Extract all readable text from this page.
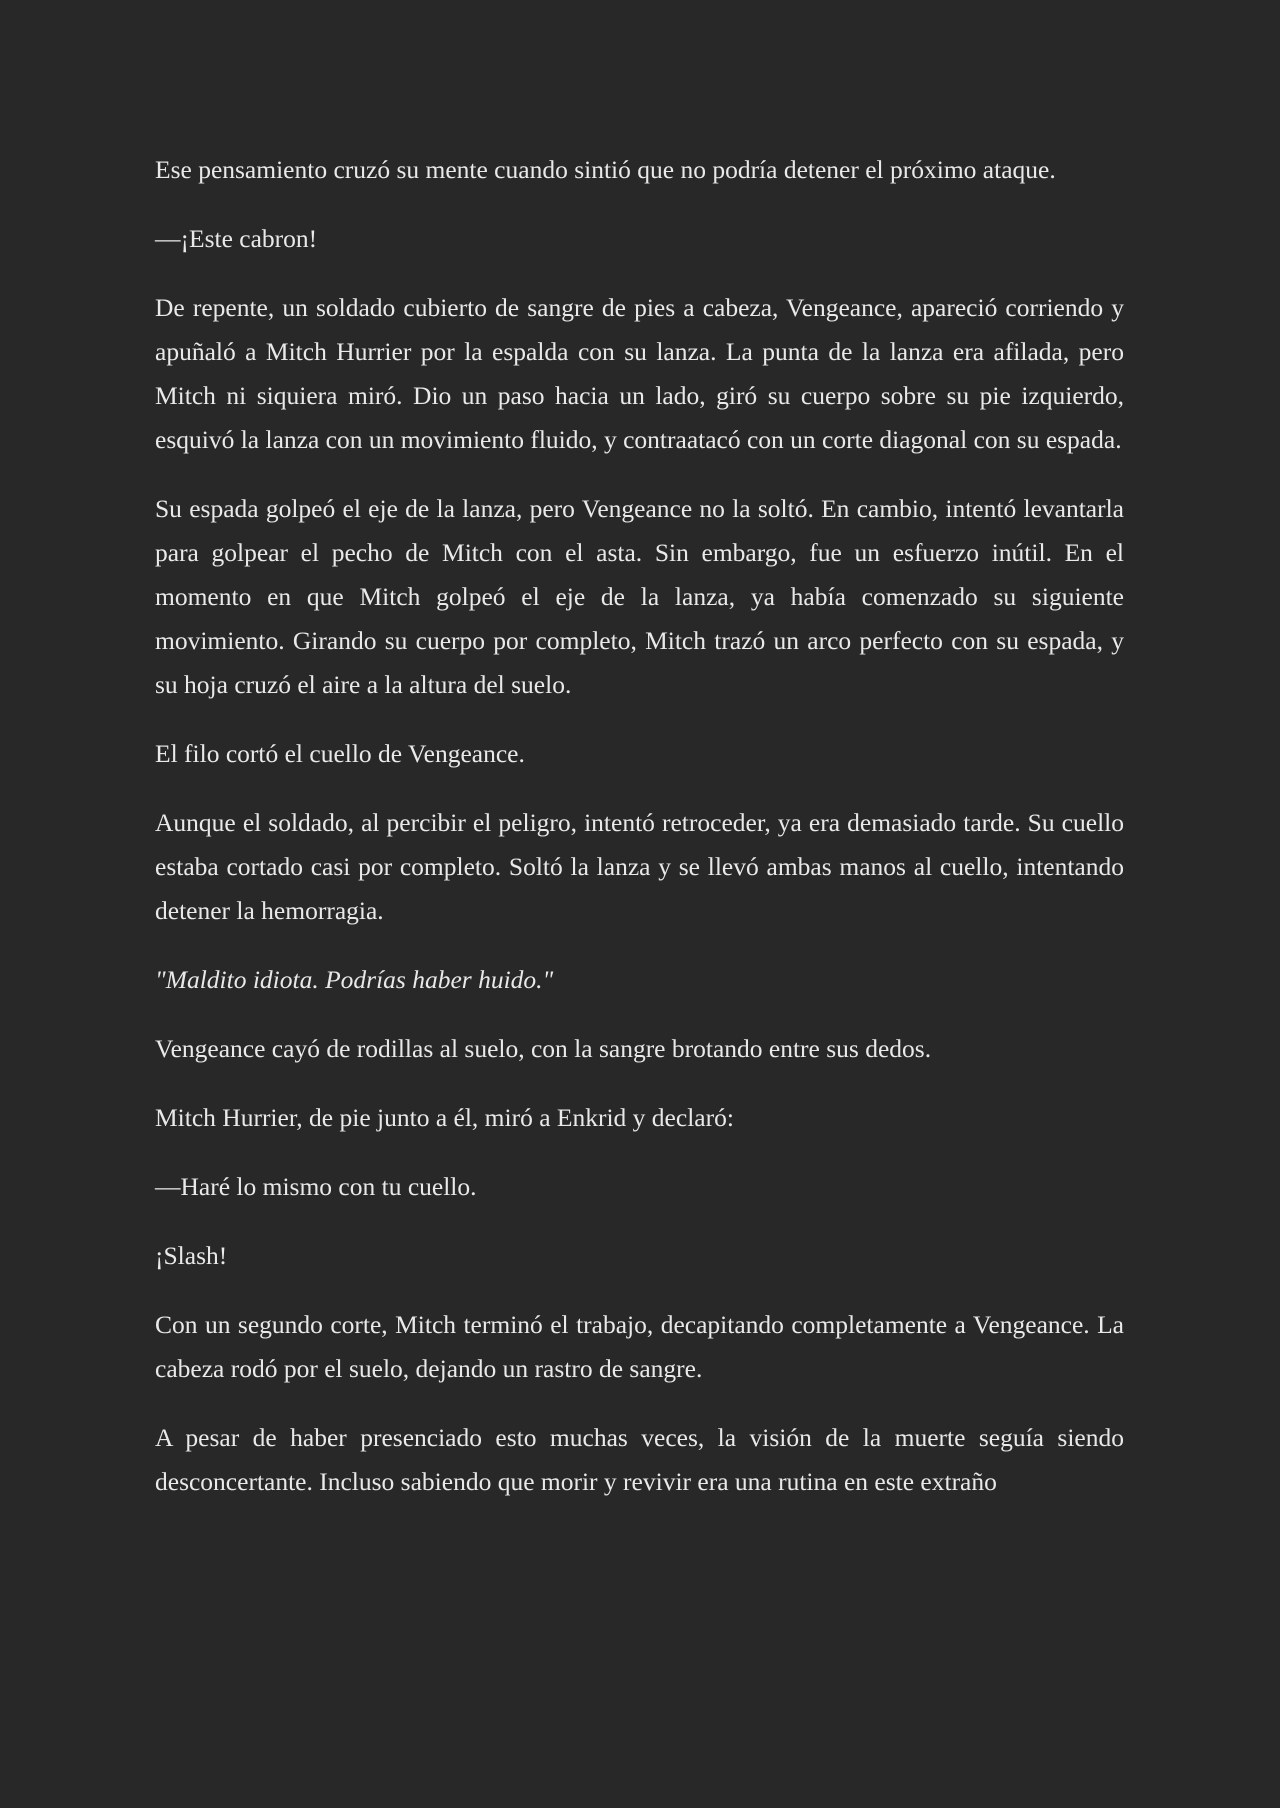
Ese pensamiento cruzó su mente cuando sintió que no podría detener el próximo ataque.

—¡Este cabron!

De repente, un soldado cubierto de sangre de pies a cabeza, Vengeance, apareció corriendo y apuñaló a Mitch Hurrier por la espalda con su lanza. La punta de la lanza era afilada, pero Mitch ni siquiera miró. Dio un paso hacia un lado, giró su cuerpo sobre su pie izquierdo, esquivó la lanza con un movimiento fluido, y contraatacó con un corte diagonal con su espada.

Su espada golpeó el eje de la lanza, pero Vengeance no la soltó. En cambio, intentó levantarla para golpear el pecho de Mitch con el asta. Sin embargo, fue un esfuerzo inútil. En el momento en que Mitch golpeó el eje de la lanza, ya había comenzado su siguiente movimiento. Girando su cuerpo por completo, Mitch trazó un arco perfecto con su espada, y su hoja cruzó el aire a la altura del suelo.

El filo cortó el cuello de Vengeance.

Aunque el soldado, al percibir el peligro, intentó retroceder, ya era demasiado tarde. Su cuello estaba cortado casi por completo. Soltó la lanza y se llevó ambas manos al cuello, intentando detener la hemorragia.

"Maldito idiota. Podrías haber huido."

Vengeance cayó de rodillas al suelo, con la sangre brotando entre sus dedos.

Mitch Hurrier, de pie junto a él, miró a Enkrid y declaró:

—Haré lo mismo con tu cuello.

¡Slash!

Con un segundo corte, Mitch terminó el trabajo, decapitando completamente a Vengeance. La cabeza rodó por el suelo, dejando un rastro de sangre.

A pesar de haber presenciado esto muchas veces, la visión de la muerte seguía siendo desconcertante. Incluso sabiendo que morir y revivir era una rutina en este extraño
